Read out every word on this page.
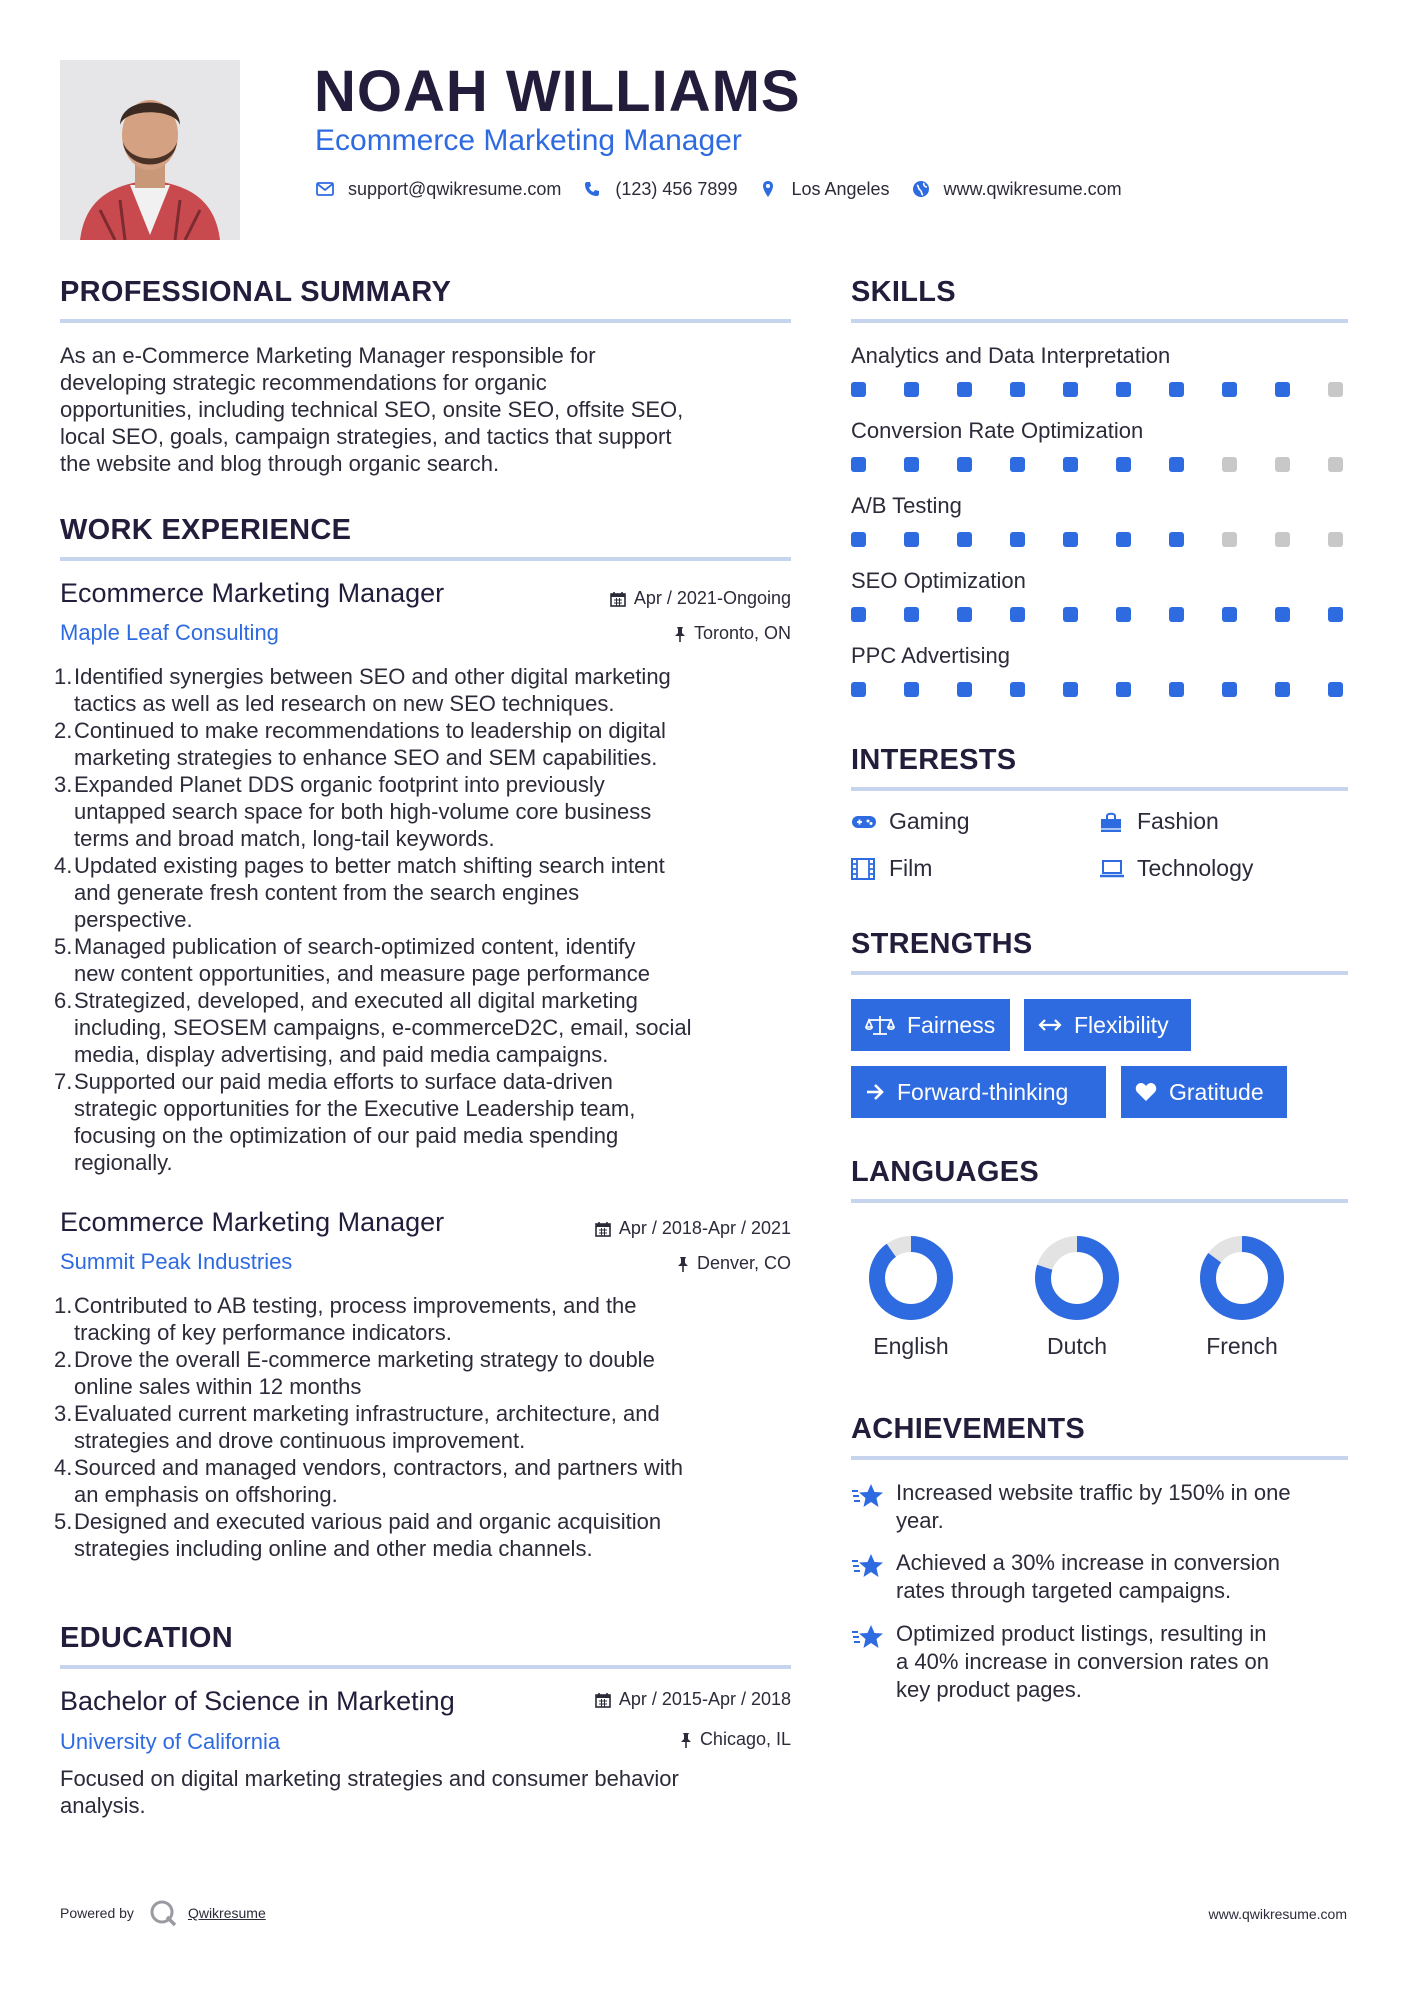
NOAH WILLIAMS
Ecommerce Marketing Manager
support@qwikresume.com	(123) 456 7899	Los Angeles	www.qwikresume.com
PROFESSIONAL SUMMARY
As an e-Commerce Marketing Manager responsible for
developing strategic recommendations for organic
opportunities, including technical SEO, onsite SEO, offsite SEO,
local SEO, goals, campaign strategies, and tactics that support
the website and blog through organic search.
WORK EXPERIENCE
Ecommerce Marketing Manager	Apr / 2021-Ongoing
Maple Leaf Consulting	Toronto, ON
1. Identified synergies between SEO and other digital marketing
tactics as well as led research on new SEO techniques.
2. Continued to make recommendations to leadership on digital
marketing strategies to enhance SEO and SEM capabilities.
3. Expanded Planet DDS organic footprint into previously
untapped search space for both high-volume core business
terms and broad match, long-tail keywords.
4. Updated existing pages to better match shifting search intent
and generate fresh content from the search engines
perspective.
5. Managed publication of search-optimized content, identify
new content opportunities, and measure page performance
6. Strategized, developed, and executed all digital marketing
including, SEOSEM campaigns, e-commerceD2C, email, social
media, display advertising, and paid media campaigns.
7. Supported our paid media efforts to surface data-driven
strategic opportunities for the Executive Leadership team,
focusing on the optimization of our paid media spending
regionally.
Ecommerce Marketing Manager	Apr / 2018-Apr / 2021
Summit Peak Industries	Denver, CO
1. Contributed to AB testing, process improvements, and the
tracking of key performance indicators.
2. Drove the overall E-commerce marketing strategy to double
online sales within 12 months
3. Evaluated current marketing infrastructure, architecture, and
strategies and drove continuous improvement.
4. Sourced and managed vendors, contractors, and partners with
an emphasis on offshoring.
5. Designed and executed various paid and organic acquisition
strategies including online and other media channels.
EDUCATION
Bachelor of Science in Marketing	Apr / 2015-Apr / 2018
University of California	Chicago, IL
Focused on digital marketing strategies and consumer behavior
analysis.
SKILLS
Analytics and Data Interpretation
Conversion Rate Optimization
A/B Testing
SEO Optimization
PPC Advertising
INTERESTS
Gaming	Fashion
Film	Technology
STRENGTHS
Fairness	Flexibility
Forward-thinking	Gratitude
LANGUAGES
English	Dutch	French
ACHIEVEMENTS
Increased website traffic by 150% in one
year.
Achieved a 30% increase in conversion
rates through targeted campaigns.
Optimized product listings, resulting in
a 40% increase in conversion rates on
key product pages.
Powered by	Qwikresume	www.qwikresume.com
